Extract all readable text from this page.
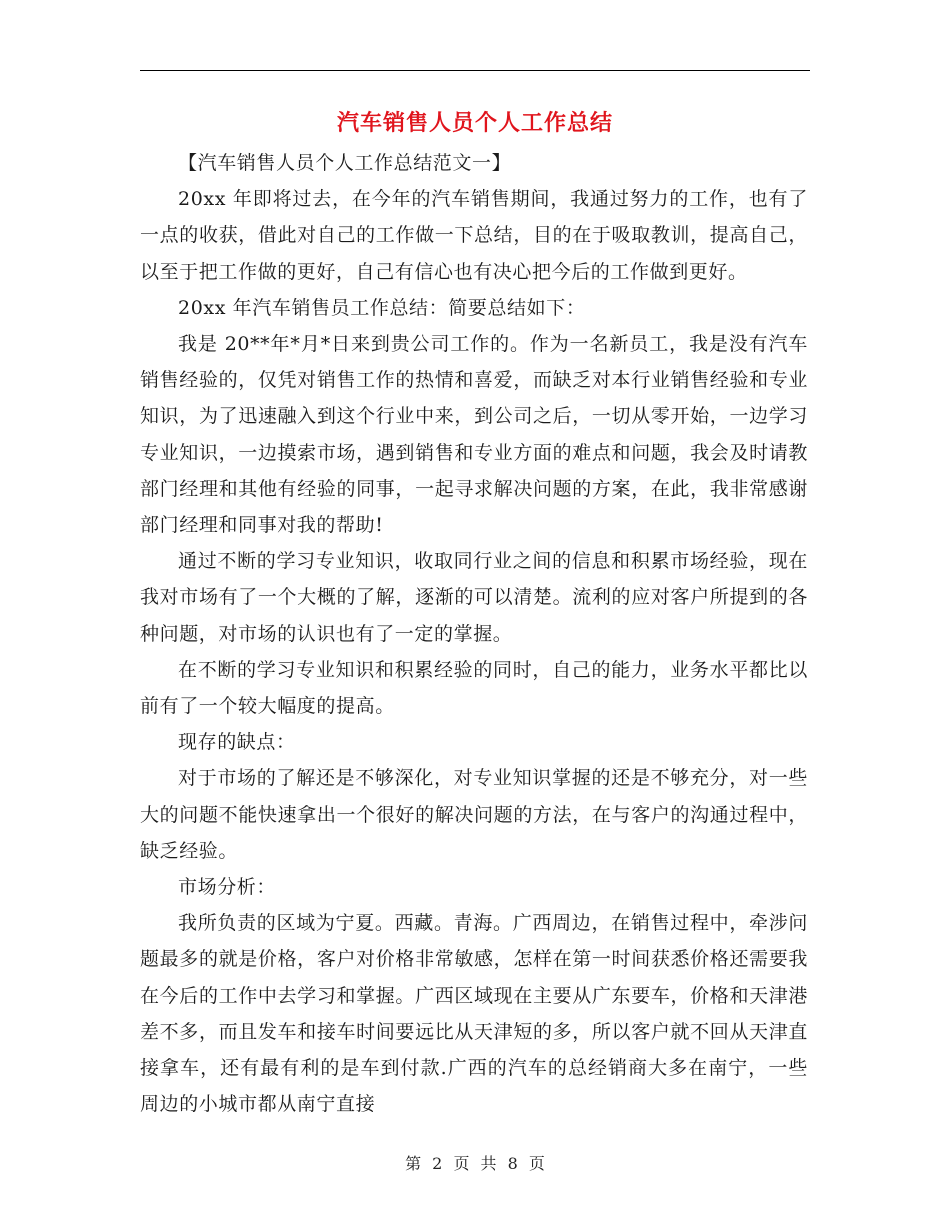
汽车销售人员个人工作总结

【汽车销售人员个人工作总结范文一】

20xx 年即将过去，在今年的汽车销售期间，我通过努力的工作，也有了一点的收获，借此对自己的工作做一下总结，目的在于吸取教训，提高自己，以至于把工作做的更好，自己有信心也有决心把今后的工作做到更好。

20xx 年汽车销售员工作总结：简要总结如下：

我是 20**年*月*日来到贵公司工作的。作为一名新员工，我是没有汽车销售经验的，仅凭对销售工作的热情和喜爱，而缺乏对本行业销售经验和专业知识，为了迅速融入到这个行业中来，到公司之后，一切从零开始，一边学习专业知识，一边摸索市场，遇到销售和专业方面的难点和问题，我会及时请教部门经理和其他有经验的同事，一起寻求解决问题的方案，在此，我非常感谢部门经理和同事对我的帮助!

通过不断的学习专业知识，收取同行业之间的信息和积累市场经验，现在我对市场有了一个大概的了解，逐渐的可以清楚。流利的应对客户所提到的各种问题，对市场的认识也有了一定的掌握。

在不断的学习专业知识和积累经验的同时，自己的能力，业务水平都比以前有了一个较大幅度的提高。

现存的缺点：

对于市场的了解还是不够深化，对专业知识掌握的还是不够充分，对一些大的问题不能快速拿出一个很好的解决问题的方法，在与客户的沟通过程中，缺乏经验。

市场分析：

我所负责的区域为宁夏。西藏。青海。广西周边，在销售过程中，牵涉问题最多的就是价格，客户对价格非常敏感，怎样在第一时间获悉价格还需要我在今后的工作中去学习和掌握。广西区域现在主要从广东要车，价格和天津港差不多，而且发车和接车时间要远比从天津短的多，所以客户就不回从天津直接拿车，还有最有利的是车到付款.广西的汽车的总经销商大多在南宁，一些周边的小城市都从南宁直接

第 2 页 共 8 页
